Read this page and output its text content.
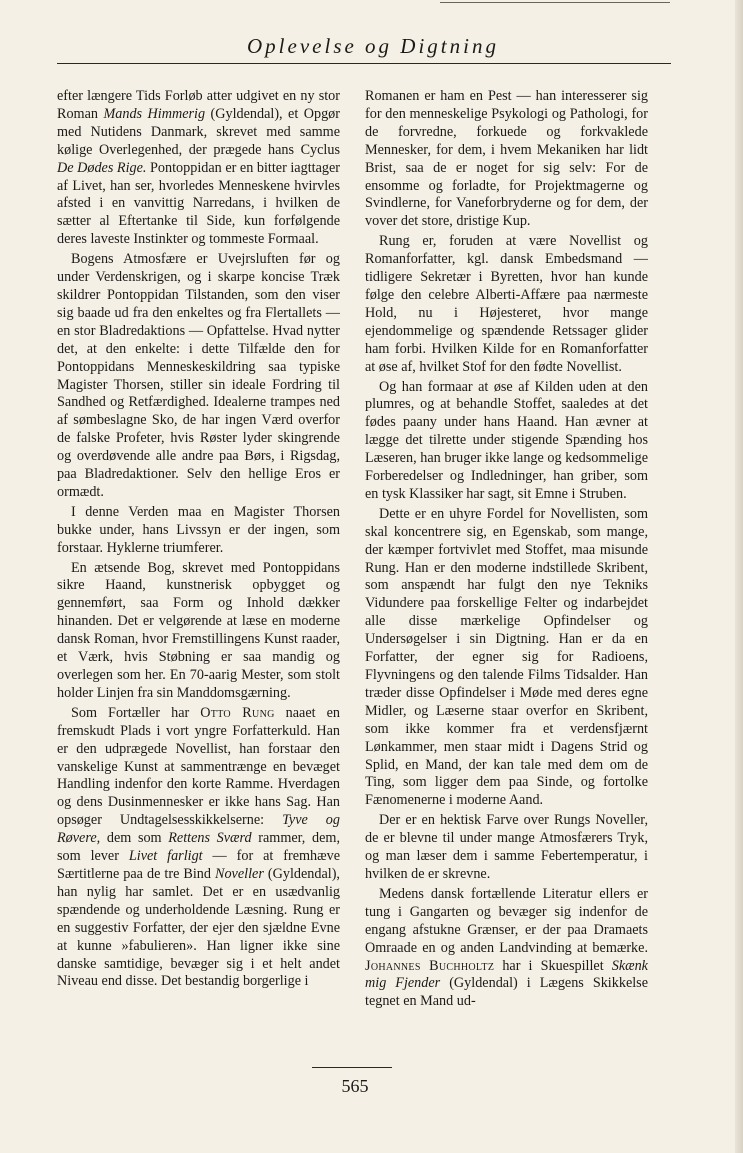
Oplevelse og Digtning

efter længere Tids Forløb atter udgivet en ny stor Roman Mands Himmerig (Gyldendal), et Opgør med Nutidens Danmark, skrevet med samme kølige Overlegenhed, der prægede hans Cyclus De Dødes Rige. Pontoppidan er en bitter iagttager af Livet, han ser, hvorledes Menneskene hvirvles afsted i en vanvittig Narredans, i hvilken de sætter al Eftertanke til Side, kun forfølgende deres laveste Instinkter og tommeste Formaal.

Bogens Atmosfære er Uvejrsluften før og under Verdenskrigen, og i skarpe koncise Træk skildrer Pontoppidan Tilstanden, som den viser sig baade ud fra den enkeltes og fra Flertallets — en stor Bladredaktions — Opfattelse. Hvad nytter det, at den enkelte: i dette Tilfælde den for Pontoppidans Menneskeskildring saa typiske Magister Thorsen, stiller sin ideale Fordring til Sandhed og Retfærdighed. Idealerne trampes ned af sømbeslagne Sko, de har ingen Værd overfor de falske Profeter, hvis Røster lyder skingrende og overdøvende alle andre paa Børs, i Rigsdag, paa Bladredaktioner. Selv den hellige Eros er ormædt.

I denne Verden maa en Magister Thorsen bukke under, hans Livssyn er der ingen, som forstaar. Hyklerne triumferer.

En ætsende Bog, skrevet med Pontoppidans sikre Haand, kunstnerisk opbygget og gennemført, saa Form og Inhold dækker hinanden. Det er velgørende at læse en moderne dansk Roman, hvor Fremstillingens Kunst raader, et Værk, hvis Støbning er saa mandig og overlegen som her. En 70-aarig Mester, som stolt holder Linjen fra sin Manddomsgærning.

Som Fortæller har Otto Rung naaet en fremskudt Plads i vort yngre Forfatterkuld. Han er den udprægede Novellist, han forstaar den vanskelige Kunst at sammentrænge en bevæget Handling indenfor den korte Ramme. Hverdagen og dens Dusinmennesker er ikke hans Sag. Han opsøger Undtagelsesskikkelserne: Tyve og Røvere, dem som Rettens Sværd rammer, dem, som lever Livet farligt — for at fremhæve Særtitlerne paa de tre Bind Noveller (Gyldendal), han nylig har samlet. Det er en usædvanlig spændende og underholdende Læsning. Rung er en suggestiv Forfatter, der ejer den sjældne Evne at kunne »fabulieren». Han ligner ikke sine danske samtidige, bevæger sig i et helt andet Niveau end disse. Det bestandig borgerlige i

Romanen er ham en Pest — han interesserer sig for den menneskelige Psykologi og Pathologi, for de forvredne, forkuede og forkvaklede Mennesker, for dem, i hvem Mekaniken har lidt Brist, saa de er noget for sig selv: For de ensomme og forladte, for Projektmagerne og Svindlerne, for Vaneforbryderne og for dem, der vover det store, dristige Kup.

Rung er, foruden at være Novellist og Romanforfatter, kgl. dansk Embedsmand — tidligere Sekretær i Byretten, hvor han kunde følge den celebre Alberti-Affære paa nærmeste Hold, nu i Højesteret, hvor mange ejendommelige og spændende Retssager glider ham forbi. Hvilken Kilde for en Romanforfatter at øse af, hvilket Stof for den fødte Novellist.

Og han formaar at øse af Kilden uden at den plumres, og at behandle Stoffet, saaledes at det fødes paany under hans Haand. Han ævner at lægge det tilrette under stigende Spænding hos Læseren, han bruger ikke lange og kedsommelige Forberedelser og Indledninger, han griber, som en tysk Klassiker har sagt, sit Emne i Struben.

Dette er en uhyre Fordel for Novellisten, som skal koncentrere sig, en Egenskab, som mange, der kæmper fortvivlet med Stoffet, maa misunde Rung. Han er den moderne indstillede Skribent, som anspændt har fulgt den nye Tekniks Vidundere paa forskellige Felter og indarbejdet alle disse mærkelige Opfindelser og Undersøgelser i sin Digtning. Han er da en Forfatter, der egner sig for Radioens, Flyvningens og den talende Films Tidsalder. Han træder disse Opfindelser i Møde med deres egne Midler, og Læserne staar overfor en Skribent, som ikke kommer fra et verdensfjærnt Lønkammer, men staar midt i Dagens Strid og Splid, en Mand, der kan tale med dem om de Ting, som ligger dem paa Sinde, og fortolke Fænomenerne i moderne Aand.

Der er en hektisk Farve over Rungs Noveller, de er blevne til under mange Atmosfærers Tryk, og man læser dem i samme Febertemperatur, i hvilken de er skrevne.

Medens dansk fortællende Literatur ellers er tung i Gangarten og bevæger sig indenfor de engang afstukne Grænser, er der paa Dramaets Omraade en og anden Landvinding at bemærke. Johannes Buchholtz har i Skuespillet Skænk mig Fjender (Gyldendal) i Lægens Skikkelse tegnet en Mand ud-

565
